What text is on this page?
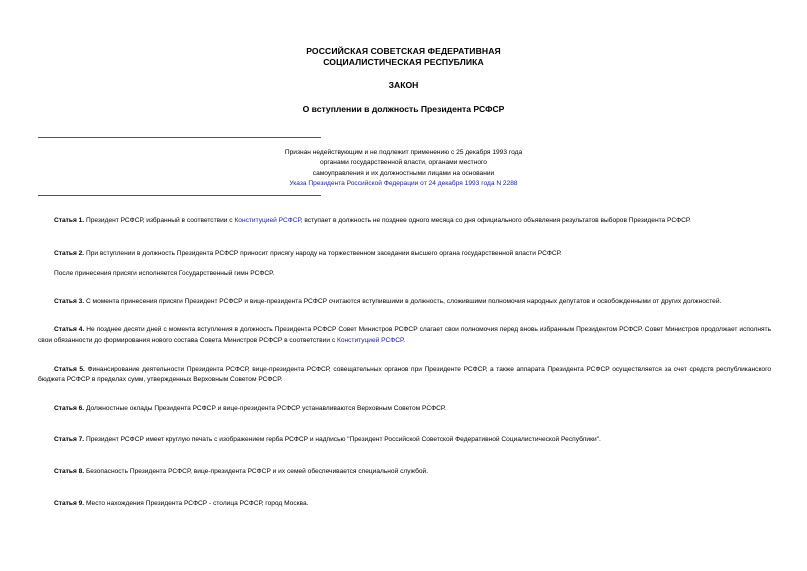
РОССИЙСКАЯ СОВЕТСКАЯ ФЕДЕРАТИВНАЯ
СОЦИАЛИСТИЧЕСКАЯ РЕСПУБЛИКА
ЗАКОН
О вступлении в должность Президента РСФСР
Признан недействующим и не подлежит применению с 25 декабря 1993 года
органами государственной власти, органами местного
самоуправления и их должностными лицами на основании
Указа Президента Российской Федерации от 24 декабря 1993 года N 2288

Статья 1. Президент РСФСР, избранный в соответствии с Конституцией РСФСР, вступает в должность не позднее одного месяца со дня официального объявления результатов выборов Президента РСФСР.

Статья 2. При вступлении в должность Президента РСФСР приносит присягу народу на торжественном заседании высшего органа государственной власти РСФСР.

После принесения присяги исполняется Государственный гимн РСФСР.

Статья 3. С момента принесения присяги Президент РСФСР и вице-президента РСФСР считаются вступившими в должность, сложившими полномочия народных депутатов и освобожденными от других должностей.

Статья 4. Не позднее десяти дней с момента вступления в должность Президента РСФСР Совет Министров РСФСР слагает свои полномочия перед вновь избранным Президентом РСФСР. Совет Министров продолжает исполнять свои обязанности до формирования нового состава Совета Министров РСФСР в соответствии с Конституцией РСФСР.

Статья 5. Финансирование деятельности Президента РСФСР, вице-президента РСФСР, совещательных органов при Президенте РСФСР, а также аппарата Президента РСФСР осуществляется за счет средств республиканского бюджета РСФСР в пределах сумм, утвержденных Верховным Советом РСФСР.

Статья 6. Должностные оклады Президента РСФСР и вице-президента РСФСР устанавливаются Верховным Советом РСФСР.

Статья 7. Президент РСФСР имеет круглую печать с изображением герба РСФСР и надписью "Президент Российской Советской Федеративной Социалистической Республики".

Статья 8. Безопасность Президента РСФСР, вице-президента РСФСР и их семей обеспечивается специальной службой.

Статья 9. Место нахождения Президента РСФСР - столица РСФСР, город Москва.
